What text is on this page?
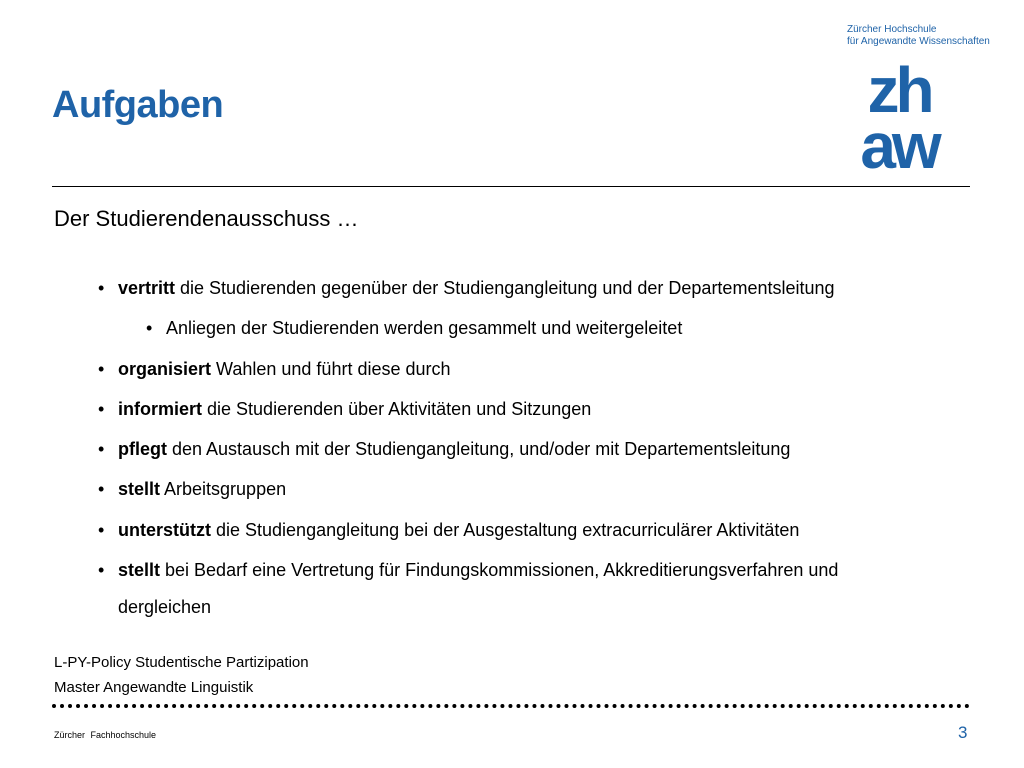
Zürcher Hochschule
für Angewandte Wissenschaften
zh
aw
Aufgaben
Der Studierendenausschuss …
• vertritt die Studierenden gegenüber der Studiengangleitung und der Departementsleitung
• Anliegen der Studierenden werden gesammelt und weitergeleitet
• organisiert Wahlen und führt diese durch
• informiert die Studierenden über Aktivitäten und Sitzungen
• pflegt den Austausch mit der Studiengangleitung, und/oder mit Departementsleitung
• stellt Arbeitsgruppen
• unterstützt die Studiengangleitung bei der Ausgestaltung extracurriculärer Aktivitäten
• stellt bei Bedarf eine Vertretung für Findungskommissionen, Akkreditierungsverfahren und dergleichen
L-PY-Policy Studentische Partizipation
Master Angewandte Linguistik
Zürcher Fachhochschule	3
